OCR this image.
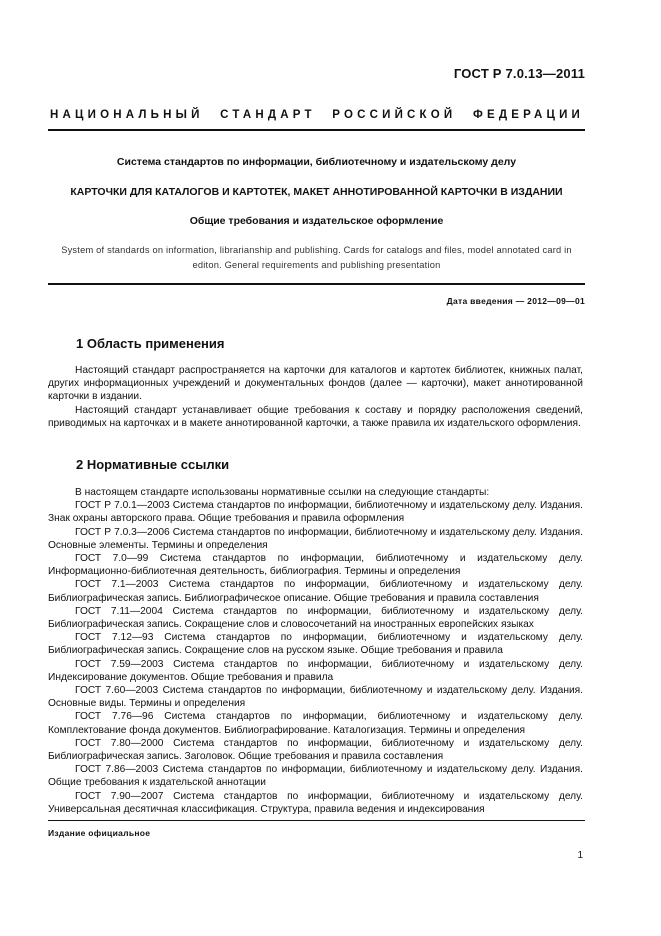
ГОСТ Р 7.0.13—2011
НАЦИОНАЛЬНЫЙ СТАНДАРТ РОССИЙСКОЙ ФЕДЕРАЦИИ
Система стандартов по информации, библиотечному и издательскому делу
КАРТОЧКИ ДЛЯ КАТАЛОГОВ И КАРТОТЕК, МАКЕТ АННОТИРОВАННОЙ КАРТОЧКИ В ИЗДАНИИ
Общие требования и издательское оформление
System of standards on information, librarianship and publishing. Cards for catalogs and files, model annotated card in
editon. General requirements and publishing presentation
Дата введения — 2012—09—01
1 Область применения

Настоящий стандарт распространяется на карточки для каталогов и картотек библиотек, книжных палат, других информационных учреждений и документальных фондов (далее — карточки), макет аннотированной карточки в издании.

Настоящий стандарт устанавливает общие требования к составу и порядку расположения сведений, приводимых на карточках и в макете аннотированной карточки, а также правила их издательского оформления.

2 Нормативные ссылки

В настоящем стандарте использованы нормативные ссылки на следующие стандарты:

ГОСТ Р 7.0.1—2003 Система стандартов по информации, библиотечному и издательскому делу. Издания. Знак охраны авторского права. Общие требования и правила оформления

ГОСТ Р 7.0.3—2006 Система стандартов по информации, библиотечному и издательскому делу. Издания. Основные элементы. Термины и определения

ГОСТ 7.0—99 Система стандартов по информации, библиотечному и издательскому делу. Информационно-библиотечная деятельность, библиография. Термины и определения

ГОСТ 7.1—2003 Система стандартов по информации, библиотечному и издательскому делу. Библиографическая запись. Библиографическое описание. Общие требования и правила составления

ГОСТ 7.11—2004 Система стандартов по информации, библиотечному и издательскому делу. Библиографическая запись. Сокращение слов и словосочетаний на иностранных европейских языках

ГОСТ 7.12—93 Система стандартов по информации, библиотечному и издательскому делу. Библиографическая запись. Сокращение слов на русском языке. Общие требования и правила

ГОСТ 7.59—2003 Система стандартов по информации, библиотечному и издательскому делу. Индексирование документов. Общие требования и правила

ГОСТ 7.60—2003 Система стандартов по информации, библиотечному и издательскому делу. Издания. Основные виды. Термины и определения

ГОСТ 7.76—96 Система стандартов по информации, библиотечному и издательскому делу. Комплектование фонда документов. Библиографирование. Каталогизация. Термины и определения

ГОСТ 7.80—2000 Система стандартов по информации, библиотечному и издательскому делу. Библиографическая запись. Заголовок. Общие требования и правила составления

ГОСТ 7.86—2003 Система стандартов по информации, библиотечному и издательскому делу. Издания. Общие требования к издательской аннотации

ГОСТ 7.90—2007 Система стандартов по информации, библиотечному и издательскому делу. Универсальная десятичная классификация. Структура, правила ведения и индексирования

Издание официальное
1
